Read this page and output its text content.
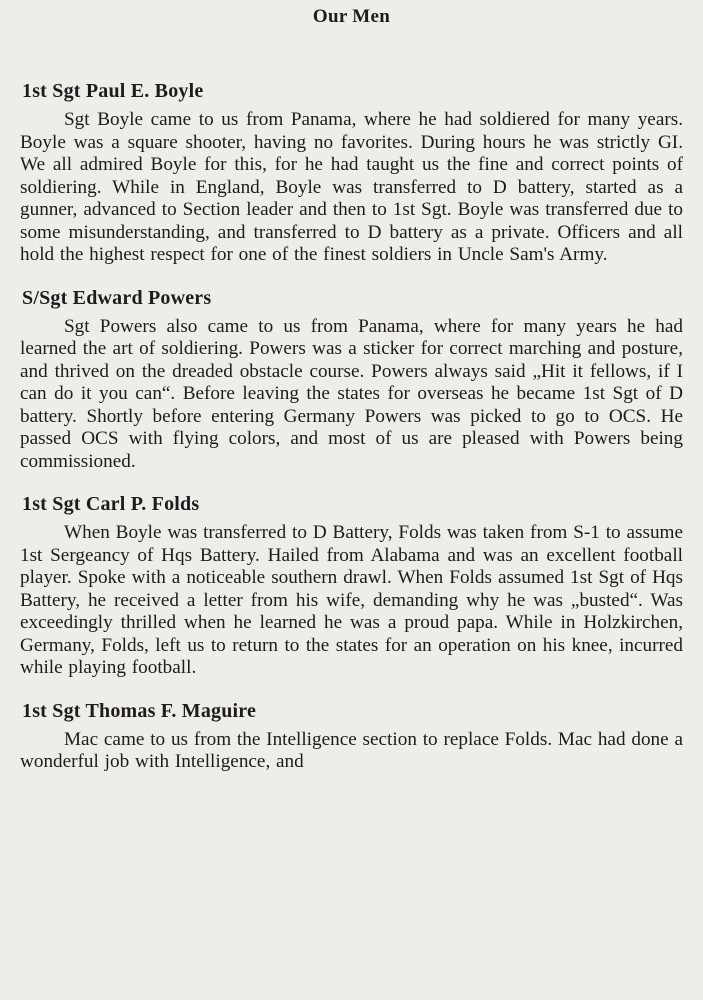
Our Men
1st Sgt Paul E. Boyle

Sgt Boyle came to us from Panama, where he had soldiered for many years. Boyle was a square shooter, having no favorites. During hours he was strictly GI. We all admired Boyle for this, for he had taught us the fine and correct points of soldiering. While in England, Boyle was transferred to D battery, started as a gunner, advanced to Section leader and then to 1st Sgt. Boyle was transferred due to some misunderstanding, and transferred to D battery as a private. Officers and all hold the highest respect for one of the finest soldiers in Uncle Sam's Army.

S/Sgt Edward Powers

Sgt Powers also came to us from Panama, where for many years he had learned the art of soldiering. Powers was a sticker for correct marching and posture, and thrived on the dreaded obstacle course. Powers always said „Hit it fellows, if I can do it you can“. Before leaving the states for overseas he became 1st Sgt of D battery. Shortly before entering Germany Powers was picked to go to OCS. He passed OCS with flying colors, and most of us are pleased with Powers being commissioned.

1st Sgt Carl P. Folds

When Boyle was transferred to D Battery, Folds was taken from S-1 to assume 1st Sergeancy of Hqs Battery. Hailed from Alabama and was an excellent football player. Spoke with a noticeable southern drawl. When Folds assumed 1st Sgt of Hqs Battery, he received a letter from his wife, demanding why he was „busted“. Was exceedingly thrilled when he learned he was a proud papa. While in Holzkirchen, Germany, Folds, left us to return to the states for an operation on his knee, incurred while playing football.

1st Sgt Thomas F. Maguire

Mac came to us from the Intelligence section to replace Folds. Mac had done a wonderful job with Intelligence, and
